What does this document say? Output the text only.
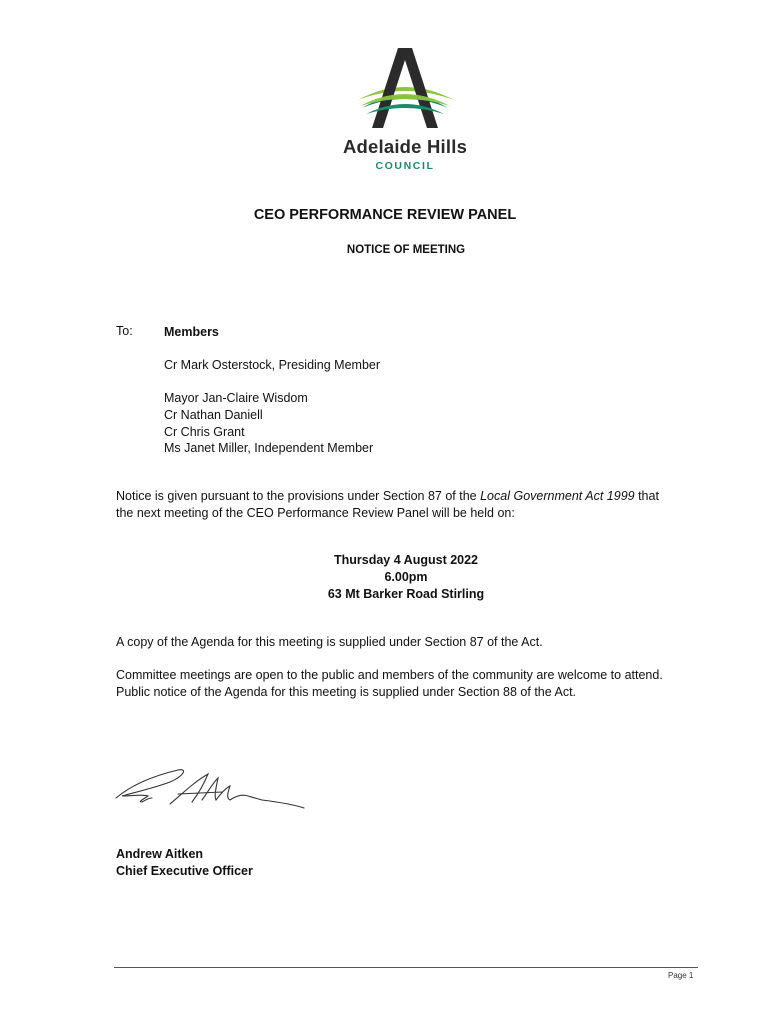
Adelaide Hills
COUNCIL
CEO PERFORMANCE REVIEW PANEL
NOTICE OF MEETING
To:	Members
Cr Mark Osterstock, Presiding Member
Mayor Jan-Claire Wisdom
Cr Nathan Daniell
Cr Chris Grant
Ms Janet Miller, Independent Member
Notice is given pursuant to the provisions under Section 87 of the Local Government Act 1999 that
the next meeting of the CEO Performance Review Panel will be held on:
Thursday 4 August 2022
6.00pm
63 Mt Barker Road Stirling
A copy of the Agenda for this meeting is supplied under Section 87 of the Act.
Committee meetings are open to the public and members of the community are welcome to attend.
Public notice of the Agenda for this meeting is supplied under Section 88 of the Act.
Andrew Aitken
Chief Executive Officer
Page 1
